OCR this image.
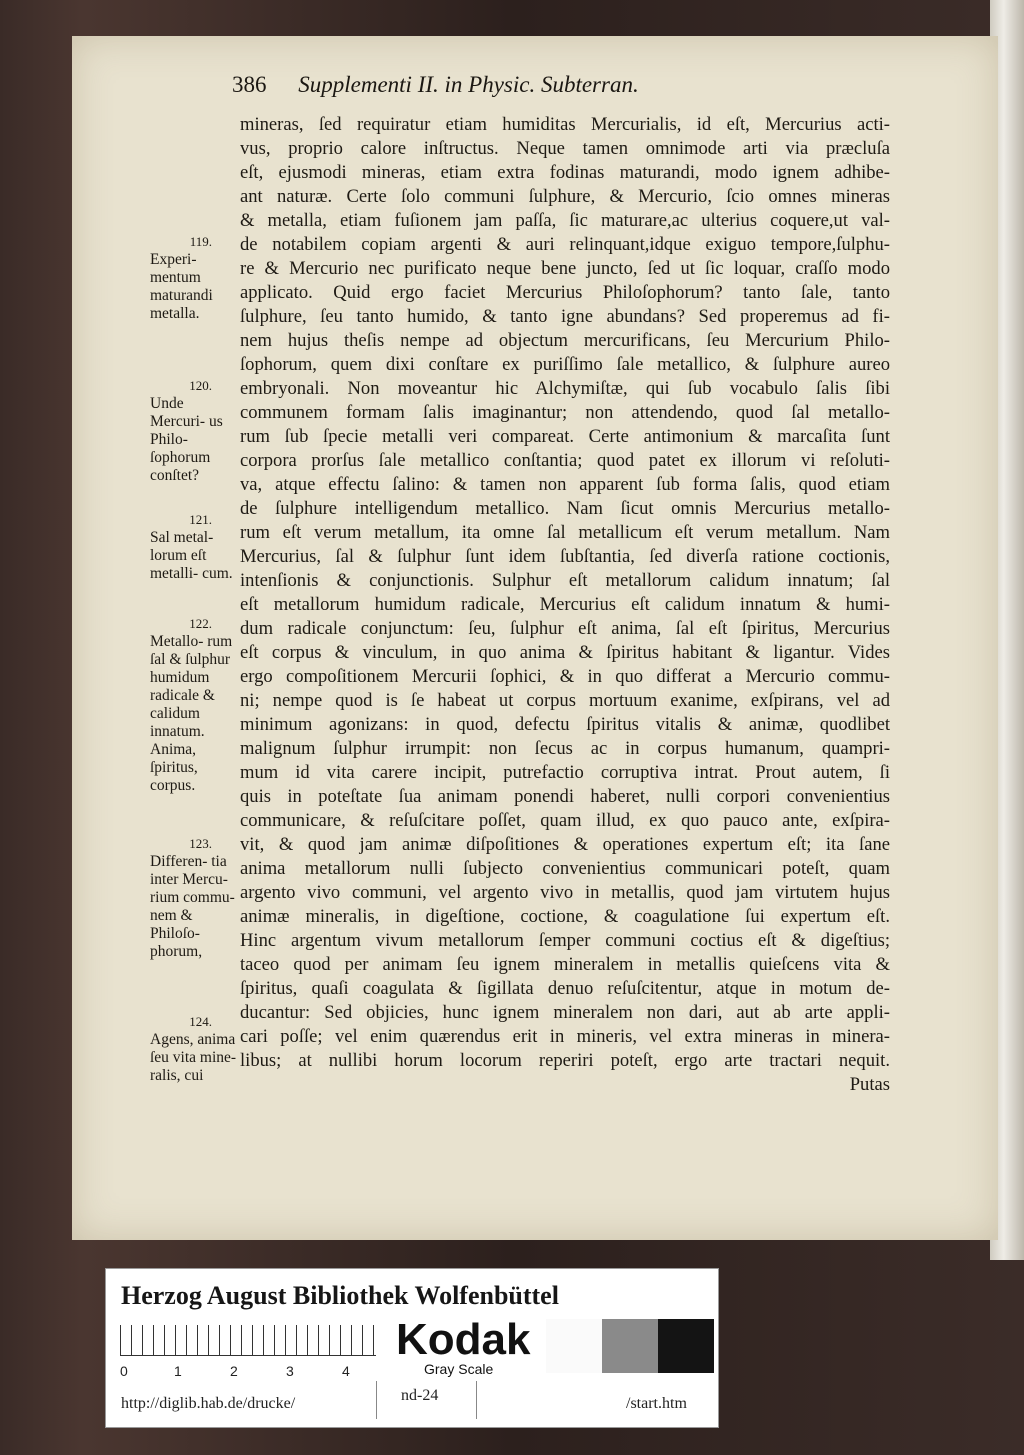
386 Supplementi II. in Physic. Subterran.
mineras, ſed requiratur etiam humiditas Mercurialis, id eſt, Mercurius acti-
vus, proprio calore inſtructus. Neque tamen omnimode arti via præcluſa
eſt, ejusmodi mineras, etiam extra fodinas maturandi, modo ignem adhibe-
ant naturæ. Certe ſolo communi ſulphure, & Mercurio, ſcio omnes mineras
& metalla, etiam fuſionem jam paſſa, ſic maturare,ac ulterius coquere,ut val-
de notabilem copiam argenti & auri relinquant,idque exiguo tempore,ſulphu-
re & Mercurio nec purificato neque bene juncto, ſed ut ſic loquar, craſſo modo
applicato. Quid ergo faciet Mercurius Philoſophorum? tanto ſale, tanto
ſulphure, ſeu tanto humido, & tanto igne abundans? Sed properemus ad fi-
nem hujus theſis nempe ad objectum mercurificans, ſeu Mercurium Philo-
ſophorum, quem dixi conſtare ex puriſſimo ſale metallico, & ſulphure aureo
embryonali. Non moveantur hic Alchymiſtæ, qui ſub vocabulo ſalis ſibi
communem formam ſalis imaginantur; non attendendo, quod ſal metallo-
rum ſub ſpecie metalli veri compareat. Certe antimonium & marcaſita ſunt
corpora prorſus ſale metallico conſtantia; quod patet ex illorum vi reſoluti-
va, atque effectu ſalino: & tamen non apparent ſub forma ſalis, quod etiam
de ſulphure intelligendum metallico. Nam ſicut omnis Mercurius metallo-
rum eſt verum metallum, ita omne ſal metallicum eſt verum metallum. Nam
Mercurius, ſal & ſulphur ſunt idem ſubſtantia, ſed diverſa ratione coctionis,
intenſionis & conjunctionis. Sulphur eſt metallorum calidum innatum; ſal
eſt metallorum humidum radicale, Mercurius eſt calidum innatum & humi-
dum radicale conjunctum: ſeu, ſulphur eſt anima, ſal eſt ſpiritus, Mercurius
eſt corpus & vinculum, in quo anima & ſpiritus habitant & ligantur. Vides
ergo compoſitionem Mercurii ſophici, & in quo differat a Mercurio commu-
ni; nempe quod is ſe habeat ut corpus mortuum exanime, exſpirans, vel ad
minimum agonizans: in quod, defectu ſpiritus vitalis & animæ, quodlibet
malignum ſulphur irrumpit: non ſecus ac in corpus humanum, quampri-
mum id vita carere incipit, putrefactio corruptiva intrat. Prout autem, ſi
quis in poteſtate ſua animam ponendi haberet, nulli corpori convenientius
communicare, & reſuſcitare poſſet, quam illud, ex quo pauco ante, exſpira-
vit, & quod jam animæ diſpoſitiones & operationes expertum eſt; ita ſane
anima metallorum nulli ſubjecto convenientius communicari poteſt, quam
argento vivo communi, vel argento vivo in metallis, quod jam virtutem hujus
animæ mineralis, in digeſtione, coctione, & coagulatione ſui expertum eſt.
Hinc argentum vivum metallorum ſemper communi coctius eſt & digeſtius;
taceo quod per animam ſeu ignem mineralem in metallis quieſcens vita &
ſpiritus, quaſi coagulata & ſigillata denuo reſuſcitentur, atque in motum de-
ducantur: Sed objicies, hunc ignem mineralem non dari, aut ab arte appli-
cari poſſe; vel enim quærendus erit in mineris, vel extra mineras in minera-
libus; at nullibi horum locorum reperiri poteſt, ergo arte tractari nequit.
Putas
119.
Experi- mentum maturandi metalla.
120.
Unde Mercuri- us Philo- ſophorum conſtet?
121.
Sal metal- lorum eſt metalli- cum.
122.
Metallo- rum ſal & ſulphur humidum radicale & calidum innatum. Anima, ſpiritus, corpus.
123.
Differen- tia inter Mercu- rium commu- nem & Philoſo- phorum,
124.
Agens, anima ſeu vita mine- ralis, cui
Herzog August Bibliothek Wolfenbüttel
0	1	2	3	4
Kodak
Gray Scale
http://diglib.hab.de/drucke/	nd-24	/start.htm
